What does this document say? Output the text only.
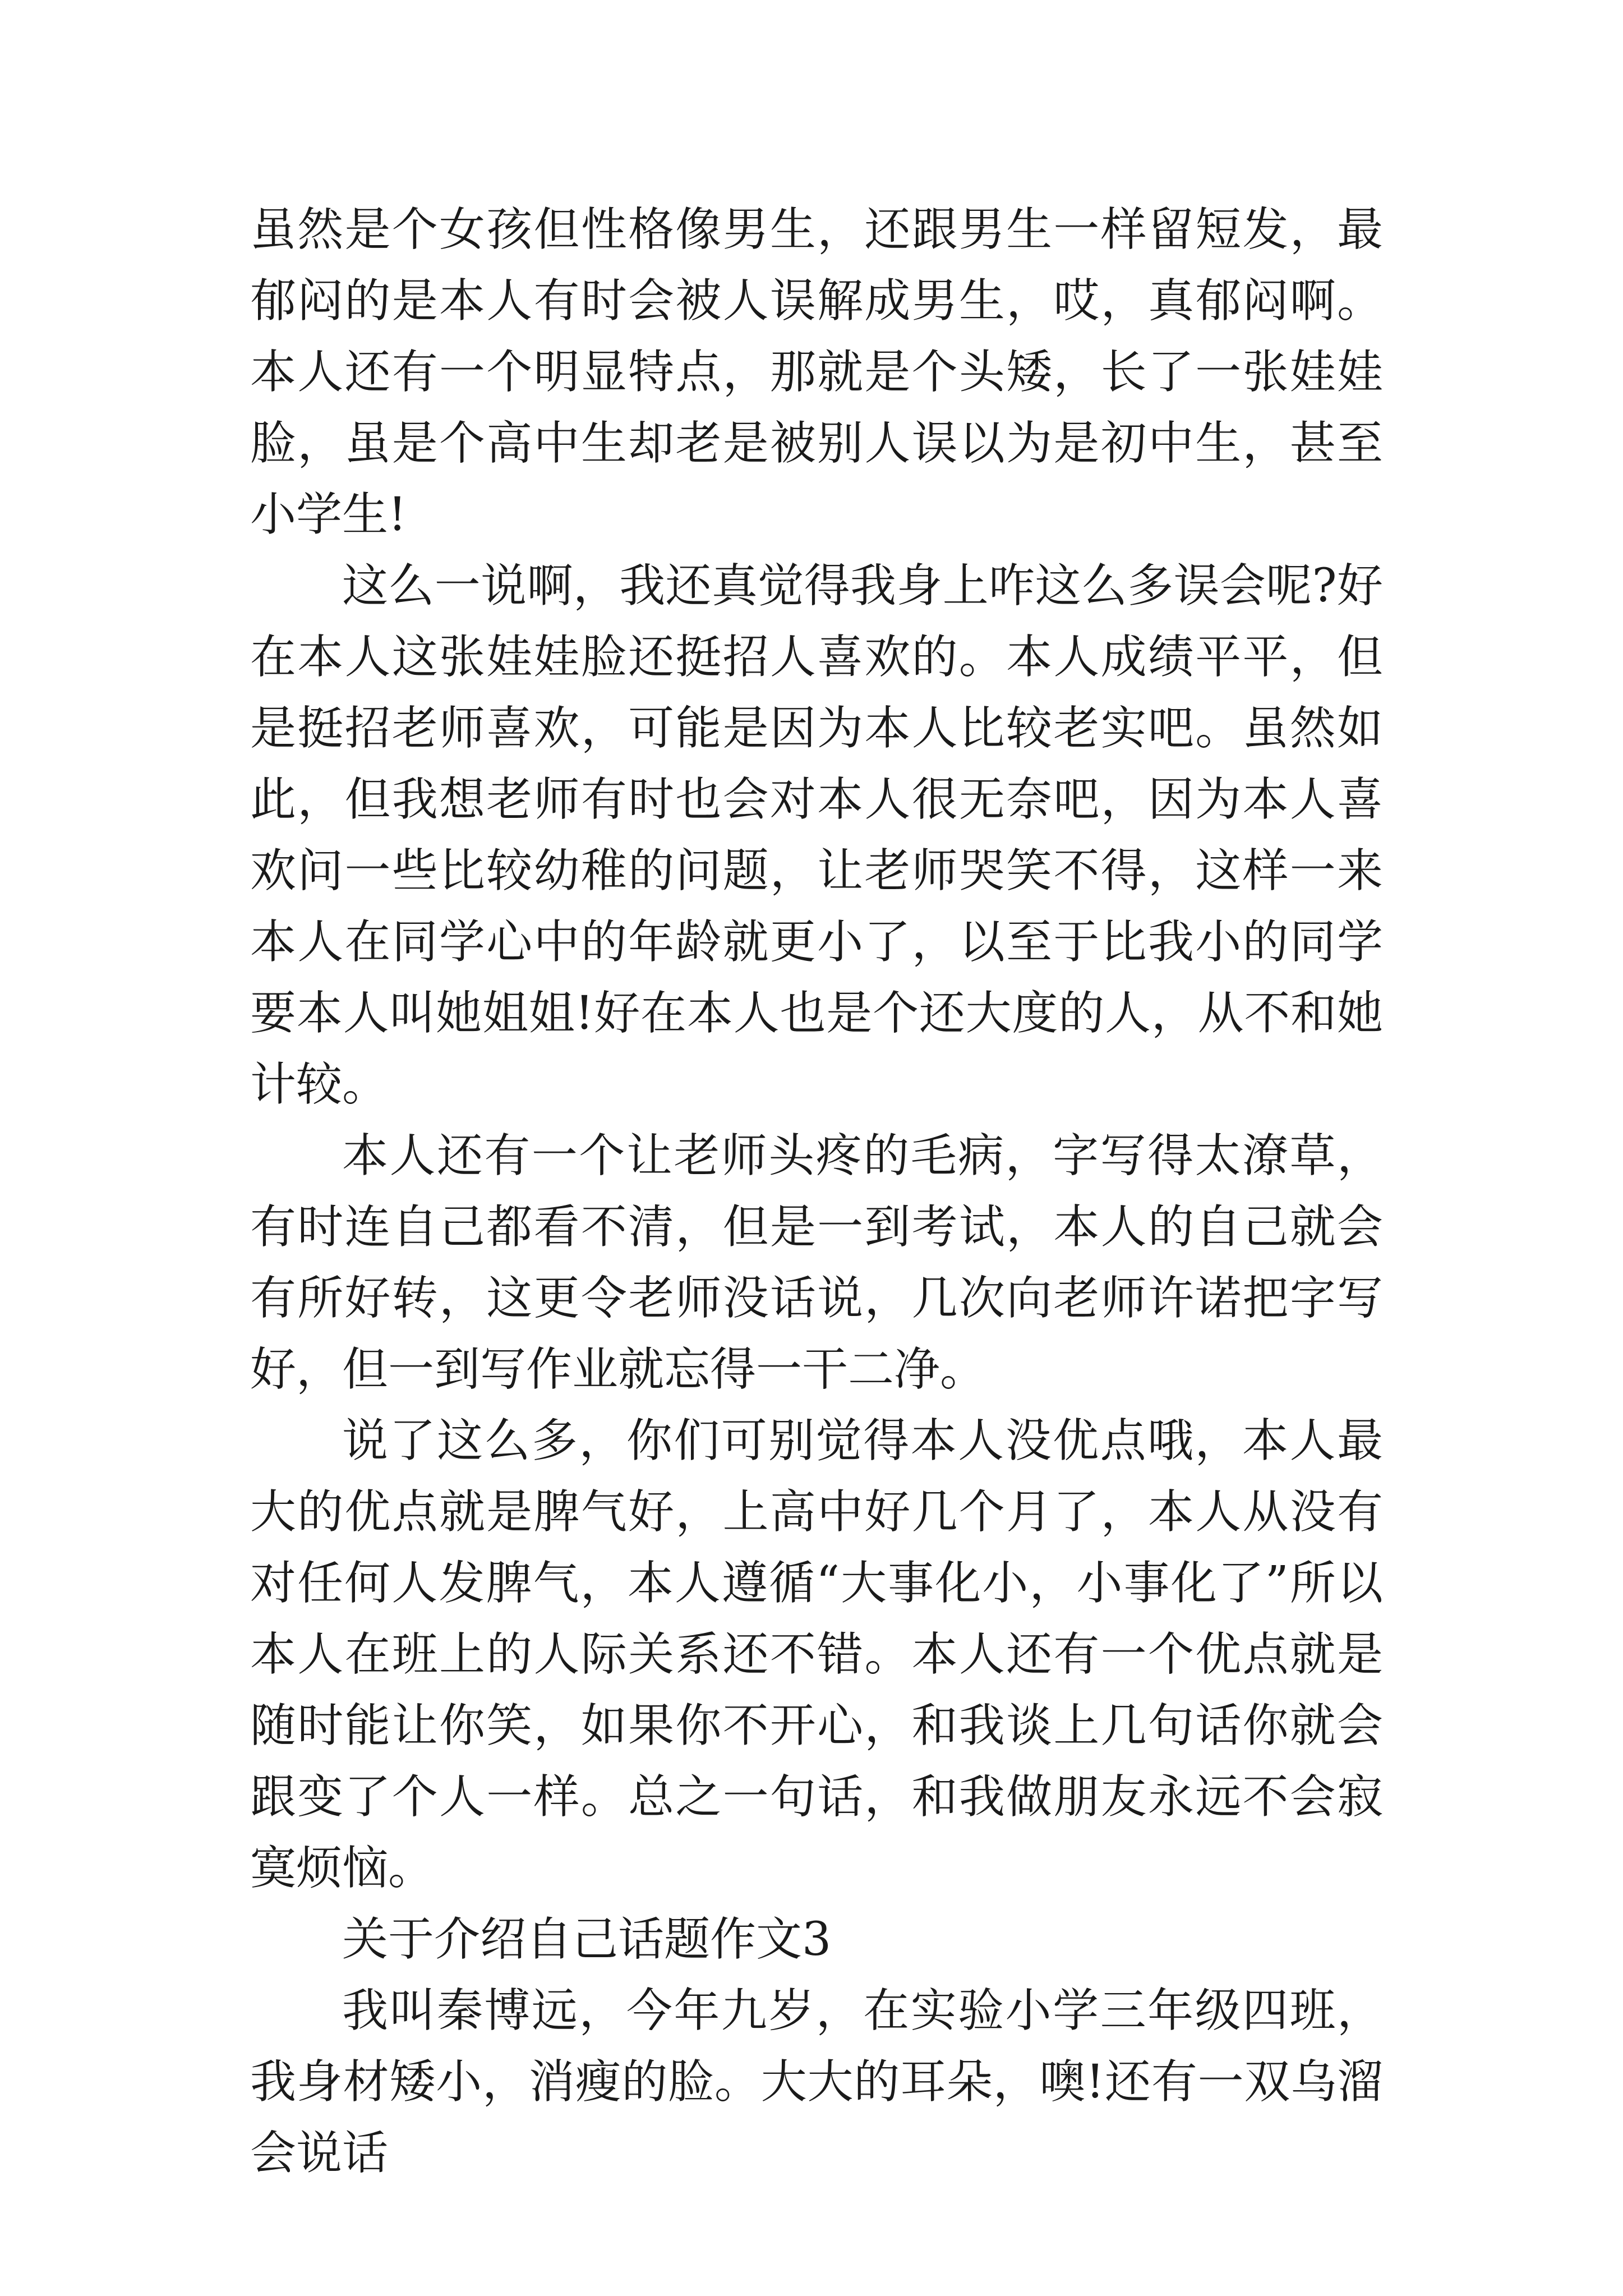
虽然是个女孩但性格像男生，还跟男生一样留短发，最郁闷的是本人有时会被人误解成男生，哎，真郁闷啊。本人还有一个明显特点，那就是个头矮，长了一张娃娃脸，虽是个高中生却老是被别人误以为是初中生，甚至小学生!

这么一说啊，我还真觉得我身上咋这么多误会呢?好在本人这张娃娃脸还挺招人喜欢的。本人成绩平平，但是挺招老师喜欢，可能是因为本人比较老实吧。虽然如此，但我想老师有时也会对本人很无奈吧，因为本人喜欢问一些比较幼稚的问题，让老师哭笑不得，这样一来本人在同学心中的年龄就更小了，以至于比我小的同学要本人叫她姐姐!好在本人也是个还大度的人，从不和她计较。

本人还有一个让老师头疼的毛病，字写得太潦草，有时连自己都看不清，但是一到考试，本人的自己就会有所好转，这更令老师没话说，几次向老师许诺把字写好，但一到写作业就忘得一干二净。

说了这么多，你们可别觉得本人没优点哦，本人最大的优点就是脾气好，上高中好几个月了，本人从没有对任何人发脾气，本人遵循“大事化小，小事化了”所以本人在班上的人际关系还不错。本人还有一个优点就是随时能让你笑，如果你不开心，和我谈上几句话你就会跟变了个人一样。总之一句话，和我做朋友永远不会寂寞烦恼。

关于介绍自己话题作文3

我叫秦博远，今年九岁，在实验小学三年级四班，我身材矮小，消瘦的脸。大大的耳朵，噢!还有一双乌溜会说话
